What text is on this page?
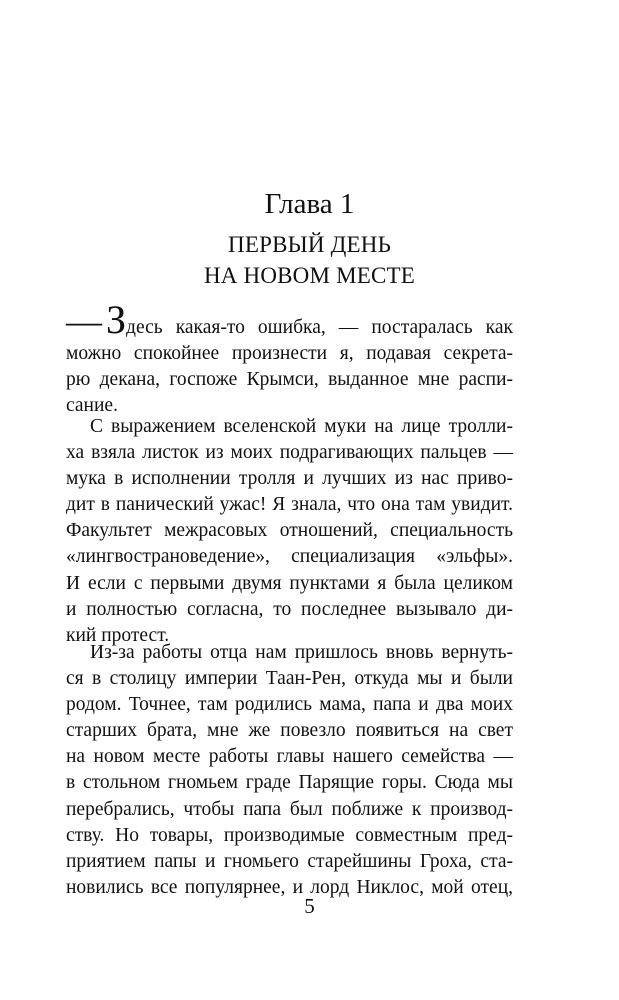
Глава 1
ПЕРВЫЙ ДЕНЬ
НА НОВОМ МЕСТЕ
— З десь какая-то ошибка, — постаралась как
можно спокойнее произнести я, подавая секрета-
рю декана, госпоже Крымси, выданное мне распи-
сание.
С выражением вселенской муки на лице тролли-
ха взяла листок из моих подрагивающих пальцев —
мука в исполнении тролля и лучших из нас приво-
дит в панический ужас! Я знала, что она там увидит.
Факультет межрасовых отношений, специальность
«лингвострановедение», специализация «эльфы».
И если с первыми двумя пунктами я была целиком
и полностью согласна, то последнее вызывало ди-
кий протест.
Из-за работы отца нам пришлось вновь вернуть-
ся в столицу империи Таан-Рен, откуда мы и были
родом. Точнее, там родились мама, папа и два моих
старших брата, мне же повезло появиться на свет
на новом месте работы главы нашего семейства —
в стольном гномьем граде Парящие горы. Сюда мы
перебрались, чтобы папа был поближе к производ-
ству. Но товары, производимые совместным пред-
приятием папы и гномьего старейшины Гроха, ста-
новились все популярнее, и лорд Никлос, мой отец,
5
